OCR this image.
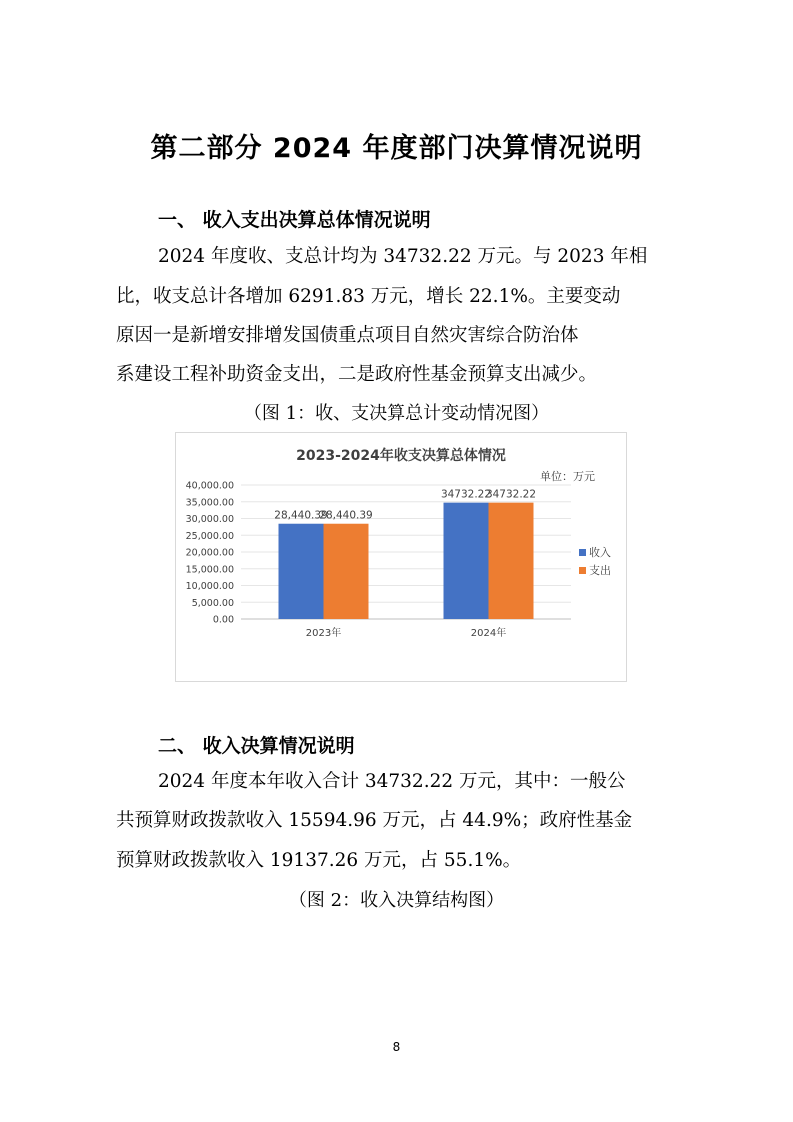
第二部分 2024 年度部门决算情况说明
一、 收入支出决算总体情况说明
2024 年度收、支总计均为 34732.22 万元。与 2023 年相
比，收支总计各增加 6291.83 万元，增长 22.1%。主要变动
原因一是新增安排增发国债重点项目自然灾害综合防治体
系建设工程补助资金支出，二是政府性基金预算支出减少。
（图 1：收、支决算总计变动情况图）
2023-2024年收支决算总体情况
单位：万元
0.00
5,000.00
10,000.00
15,000.00
20,000.00
25,000.00
30,000.00
35,000.00
40,000.00
28,440.39
28,440.39
34732.22
34732.22
2023年	2024年
收入
支出
二、 收入决算情况说明
2024 年度本年收入合计 34732.22 万元，其中：一般公
共预算财政拨款收入 15594.96 万元，占 44.9%；政府性基金
预算财政拨款收入 19137.26 万元，占 55.1%。
（图 2：收入决算结构图）
8
